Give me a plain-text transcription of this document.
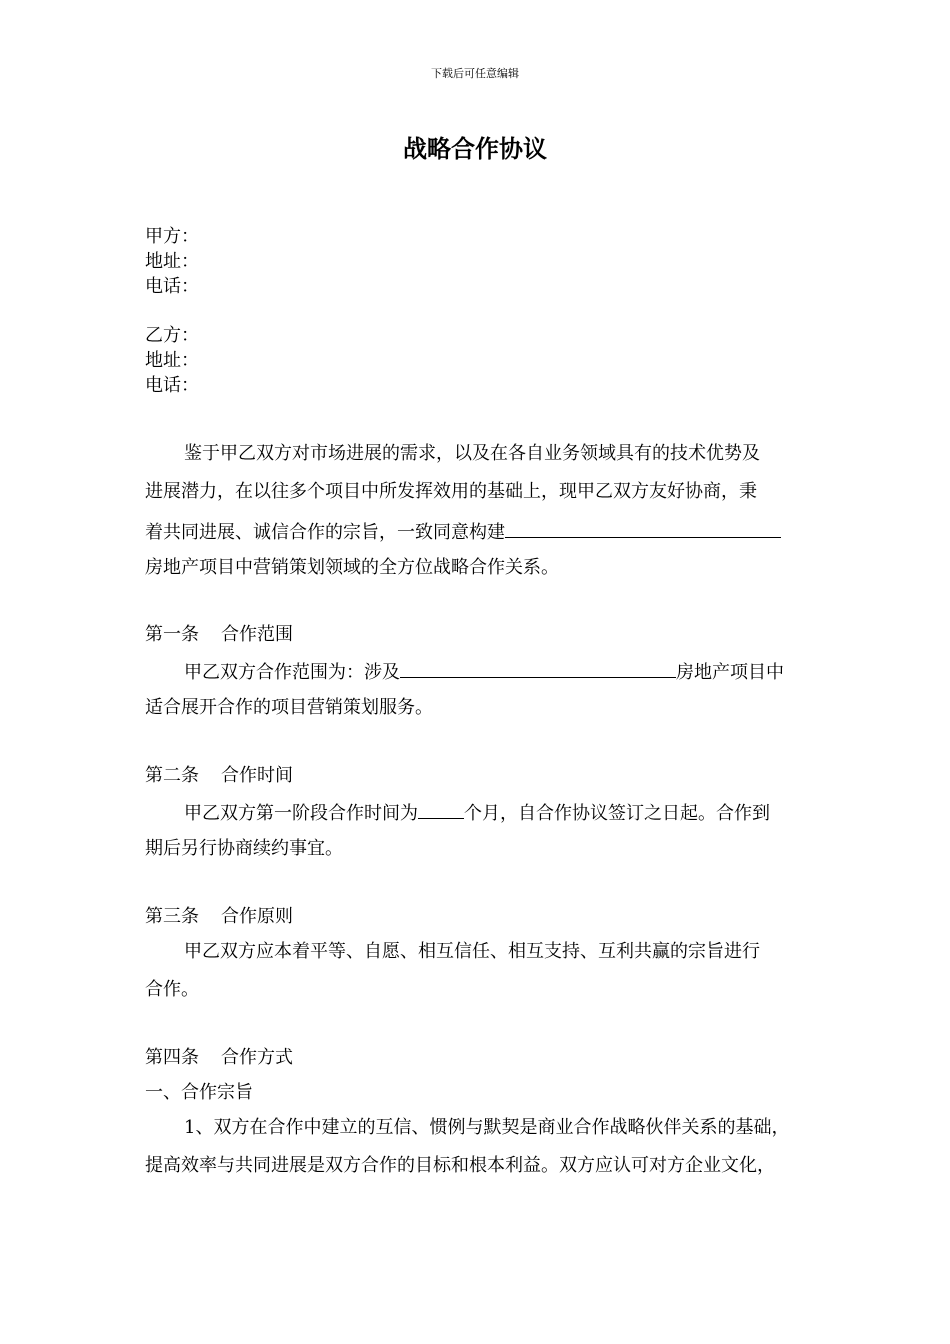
下载后可任意编辑
战略合作协议
甲方：
地址：
电话：
乙方：
地址：
电话：
鉴于甲乙双方对市场进展的需求，以及在各自业务领域具有的技术优势及
进展潜力，在以往多个项目中所发挥效用的基础上，现甲乙双方友好协商，秉
着共同进展、诚信合作的宗旨，一致同意构建
房地产项目中营销策划领域的全方位战略合作关系。
第一条 合作范围
甲乙双方合作范围为：涉及	房地产项目中
适合展开合作的项目营销策划服务。
第二条 合作时间
甲乙双方第一阶段合作时间为	个月，自合作协议签订之日起。合作到
期后另行协商续约事宜。
第三条 合作原则
甲乙双方应本着平等、自愿、相互信任、相互支持、互利共赢的宗旨进行
合作。
第四条 合作方式
一、合作宗旨
1、双方在合作中建立的互信、惯例与默契是商业合作战略伙伴关系的基础，
提高效率与共同进展是双方合作的目标和根本利益。双方应认可对方企业文化，
